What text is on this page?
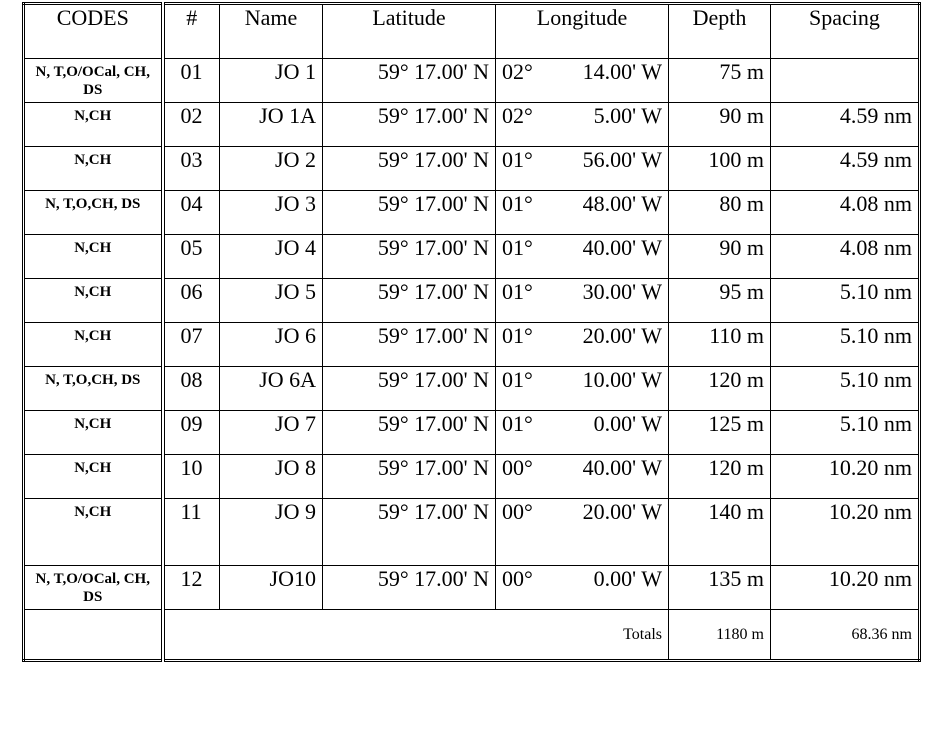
CODES	#	Name	Latitude	Longitude	Depth	Spacing
N, T,O/OCal, CH, DS	01	JO 1	59° 17.00' N	02° 14.00' W	75 m	
N,CH	02	JO 1A	59° 17.00' N	02° 5.00' W	90 m	4.59 nm
N,CH	03	JO 2	59° 17.00' N	01° 56.00' W	100 m	4.59 nm
N, T,O,CH, DS	04	JO 3	59° 17.00' N	01° 48.00' W	80 m	4.08 nm
N,CH	05	JO 4	59° 17.00' N	01° 40.00' W	90 m	4.08 nm
N,CH	06	JO 5	59° 17.00' N	01° 30.00' W	95 m	5.10 nm
N,CH	07	JO 6	59° 17.00' N	01° 20.00' W	110 m	5.10 nm
N, T,O,CH, DS	08	JO 6A	59° 17.00' N	01° 10.00' W	120 m	5.10 nm
N,CH	09	JO 7	59° 17.00' N	01° 0.00' W	125 m	5.10 nm
N,CH	10	JO 8	59° 17.00' N	00° 40.00' W	120 m	10.20 nm
N,CH	11	JO 9	59° 17.00' N	00° 20.00' W	140 m	10.20 nm
N, T,O/OCal, CH, DS	12	JO10	59° 17.00' N	00° 0.00' W	135 m	10.20 nm
	Totals				1180 m	68.36 nm
